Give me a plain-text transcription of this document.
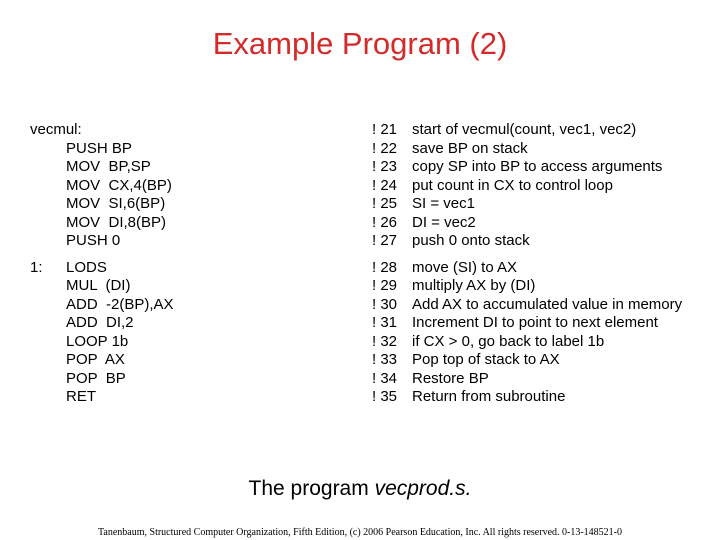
Example Program (2)
vecmul:	! 21 start of vecmul(count, vec1, vec2)
PUSH BP	! 22 save BP on stack
MOV  BP,SP	! 23 copy SP into BP to access arguments
MOV  CX,4(BP)	! 24 put count in CX to control loop
MOV  SI,6(BP)	! 25 SI = vec1
MOV  DI,8(BP)	! 26 DI = vec2
PUSH 0	! 27 push 0 onto stack
1: LODS	! 28 move (SI) to AX
MUL  (DI)	! 29 multiply AX by (DI)
ADD  -2(BP),AX	! 30 Add AX to accumulated value in memory
ADD  DI,2	! 31 Increment DI to point to next element
LOOP 1b	! 32 if CX > 0, go back to label 1b
POP  AX	! 33 Pop top of stack to AX
POP  BP	! 34 Restore BP
RET	! 35 Return from subroutine
The program vecprod.s.
Tanenbaum, Structured Computer Organization, Fifth Edition, (c) 2006 Pearson Education, Inc. All rights reserved. 0-13-148521-0
